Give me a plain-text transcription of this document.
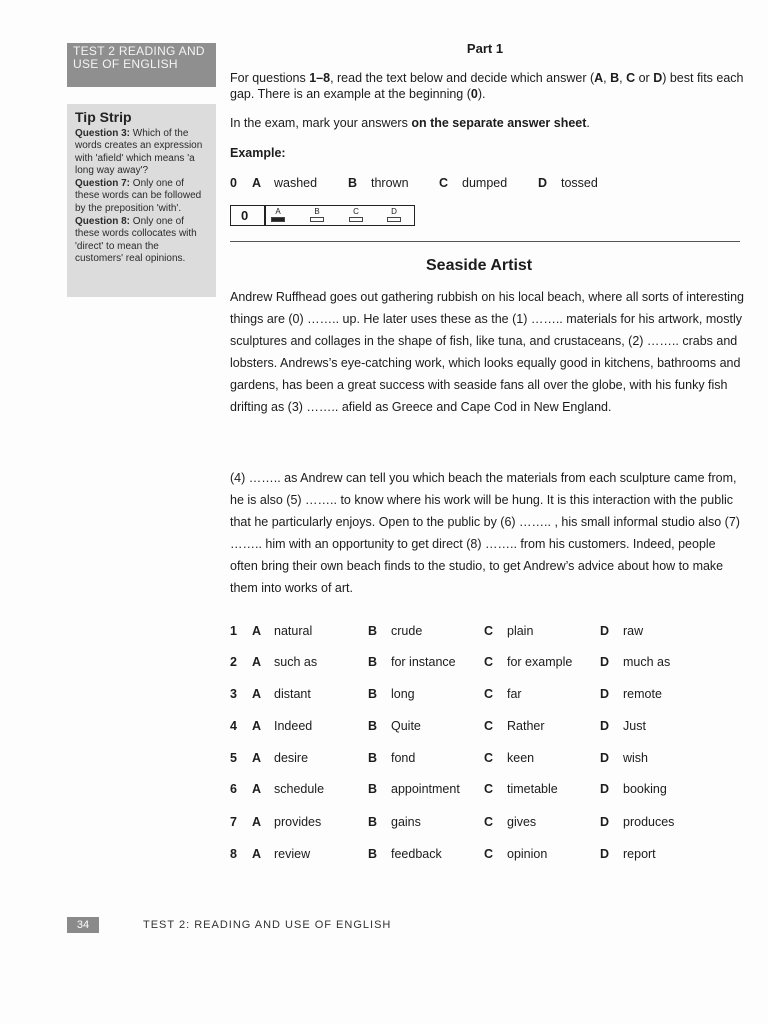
TEST 2 READING AND USE OF ENGLISH
Tip Strip
Question 3: Which of the words creates an expression with 'afield' which means 'a long way away'?
Question 7: Only one of these words can be followed by the preposition 'with'.
Question 8: Only one of these words collocates with 'direct' to mean the customers' real opinions.
Part 1
For questions 1–8, read the text below and decide which answer (A, B, C or D) best fits each gap. There is an example at the beginning (0).
In the exam, mark your answers on the separate answer sheet.
Example:
0 A washed B thrown C dumped D tossed
0	A	B	C	D
Seaside Artist

Andrew Ruffhead goes out gathering rubbish on his local beach, where all sorts of interesting things are (0) …….. up. He later uses these as the (1) …….. materials for his artwork, mostly sculptures and collages in the shape of fish, like tuna, and crustaceans, (2) …….. crabs and lobsters. Andrews’s eye-catching work, which looks equally good in kitchens, bathrooms and gardens, has been a great success with seaside fans all over the globe, with his funky fish drifting as (3) …….. afield as Greece and Cape Cod in New England.

(4) …….. as Andrew can tell you which beach the materials from each sculpture came from, he is also (5) …….. to know where his work will be hung. It is this interaction with the public that he particularly enjoys. Open to the public by (6) …….. , his small informal studio also (7) …….. him with an opportunity to get direct (8) …….. from his customers. Indeed, people often bring their own beach finds to the studio, to get Andrew’s advice about how to make them into works of art.

1 A natural	B crude	C plain	D raw
2 A such as	B for instance C for example D much as
3 A distant	B long	C far	D remote
4 A Indeed	B Quite	C Rather	D Just
5 A desire	B fond	C keen	D wish
6 A schedule	B appointment C timetable	D booking
7 A provides	B gains	C gives	D produces
8 A review	B feedback	C opinion	D report
34	TEST 2: READING AND USE OF ENGLISH
